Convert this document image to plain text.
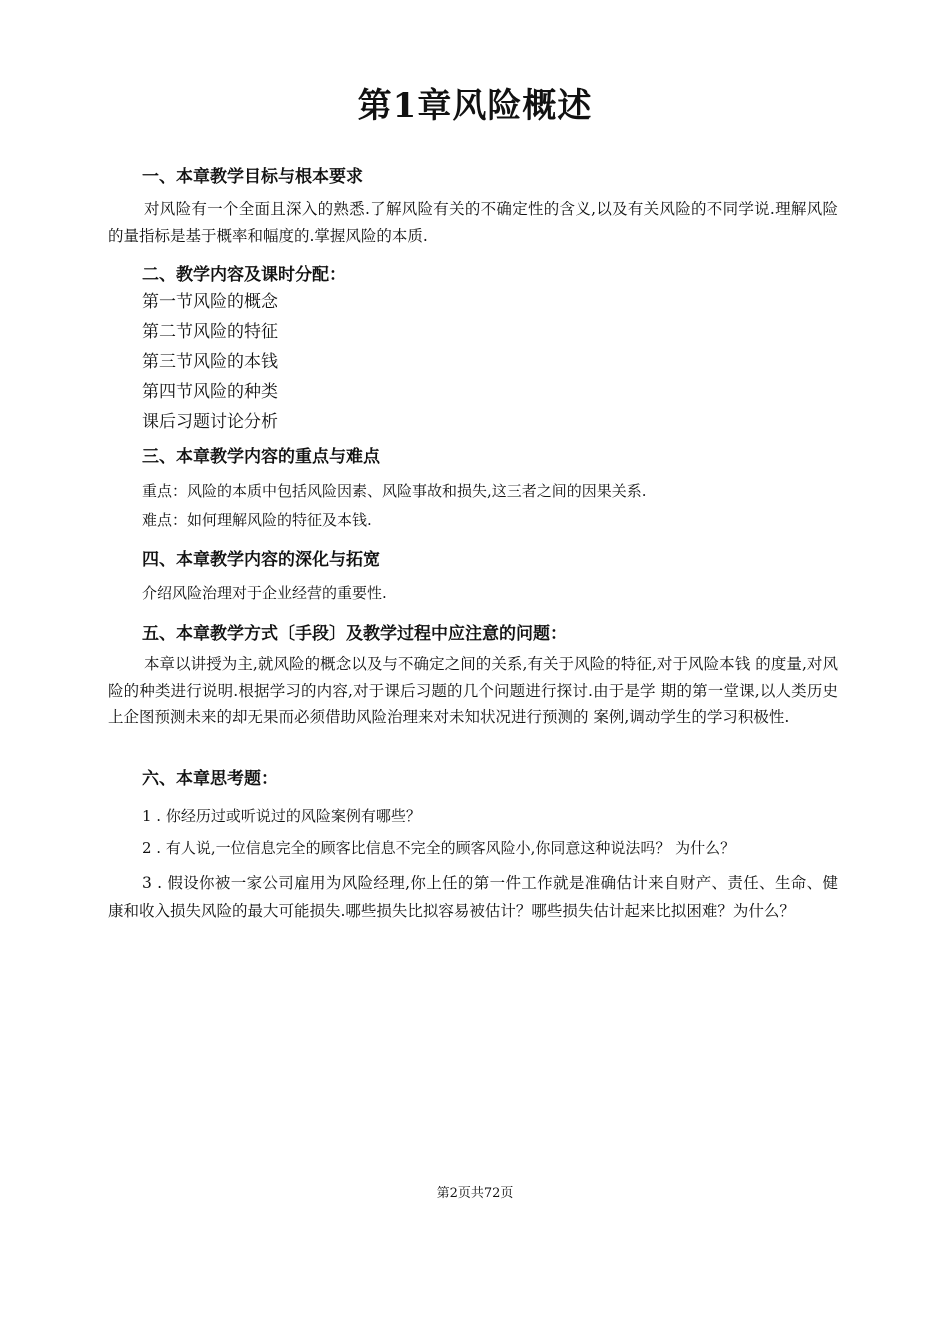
第1章风险概述
一、本章教学目标与根本要求
对风险有一个全面且深入的熟悉.了解风险有关的不确定性的含义,以及有关风险的不同学说.理解风险的量指标是基于概率和幅度的.掌握风险的本质.
二、教学内容及课时分配：
第一节风险的概念
第二节风险的特征
第三节风险的本钱
第四节风险的种类
课后习题讨论分析
三、本章教学内容的重点与难点
重点：风险的本质中包括风险因素、风险事故和损失,这三者之间的因果关系.
难点：如何理解风险的特征及本钱.
四、本章教学内容的深化与拓宽
介绍风险治理对于企业经营的重要性.
五、本章教学方式〔手段〕及教学过程中应注意的问题：
本章以讲授为主,就风险的概念以及与不确定之间的关系,有关于风险的特征,对于风险本钱 的度量,对风险的种类进行说明.根据学习的内容,对于课后习题的几个问题进行探讨.由于是学 期的第一堂课,以人类历史上企图预测未来的却无果而必须借助风险治理来对未知状况进行预测的 案例,调动学生的学习积极性.
六、本章思考题：
1 . 你经历过或听说过的风险案例有哪些？
2 . 有人说,一位信息完全的顾客比信息不完全的顾客风险小,你同意这种说法吗？ 为什么？
3 . 假设你被一家公司雇用为风险经理,你上任的第一件工作就是准确估计来自财产、责任、生命、健康和收入损失风险的最大可能损失.哪些损失比拟容易被估计？哪些损失估计起来比拟困难？为什么？
第2页共72页
